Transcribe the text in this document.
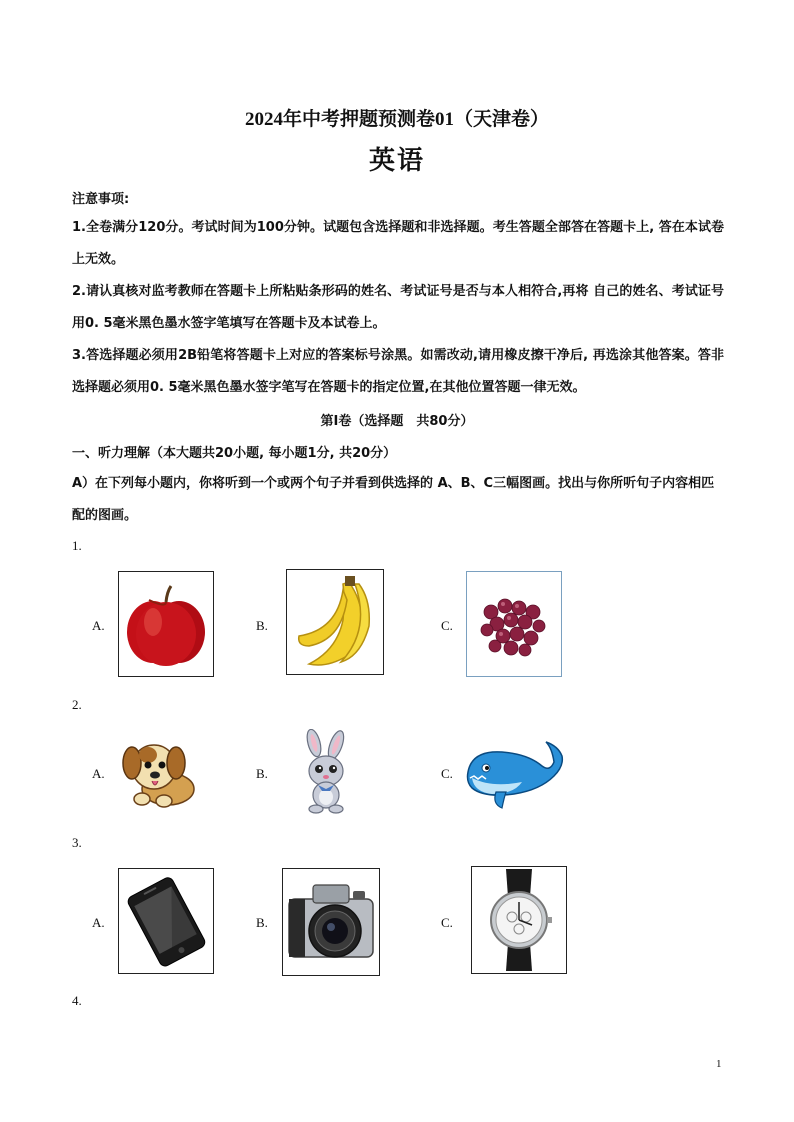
2024年中考押题预测卷01（天津卷）
英语
注意事项:
1.全卷满分120分。考试时间为100分钟。试题包含选择题和非选择题。考生答题全部答在答题卡上, 答在本试卷上无效。
2.请认真核对监考教师在答题卡上所粘贴条形码的姓名、考试证号是否与本人相符合,再将 自己的姓名、考试证号用0. 5毫米黑色墨水签字笔填写在答题卡及本试卷上。
3.答选择题必须用2B铅笔将答题卡上对应的答案标号涂黑。如需改动,请用橡皮擦干净后, 再选涂其他答案。答非选择题必须用0. 5毫米黑色墨水签字笔写在答题卡的指定位置,在其他位置答题一律无效。
第I卷（选择题　共80分）
一、听力理解（本大题共20小题, 每小题1分, 共20分）
A）在下列每小题内，你将听到一个或两个句子并看到供选择的 A、B、C三幅图画。找出与你所听句子内容相匹配的图画。
1.
A.	B.	C.
2.
A.	B.	C.
3.
A.	B.	C.
4.
1
